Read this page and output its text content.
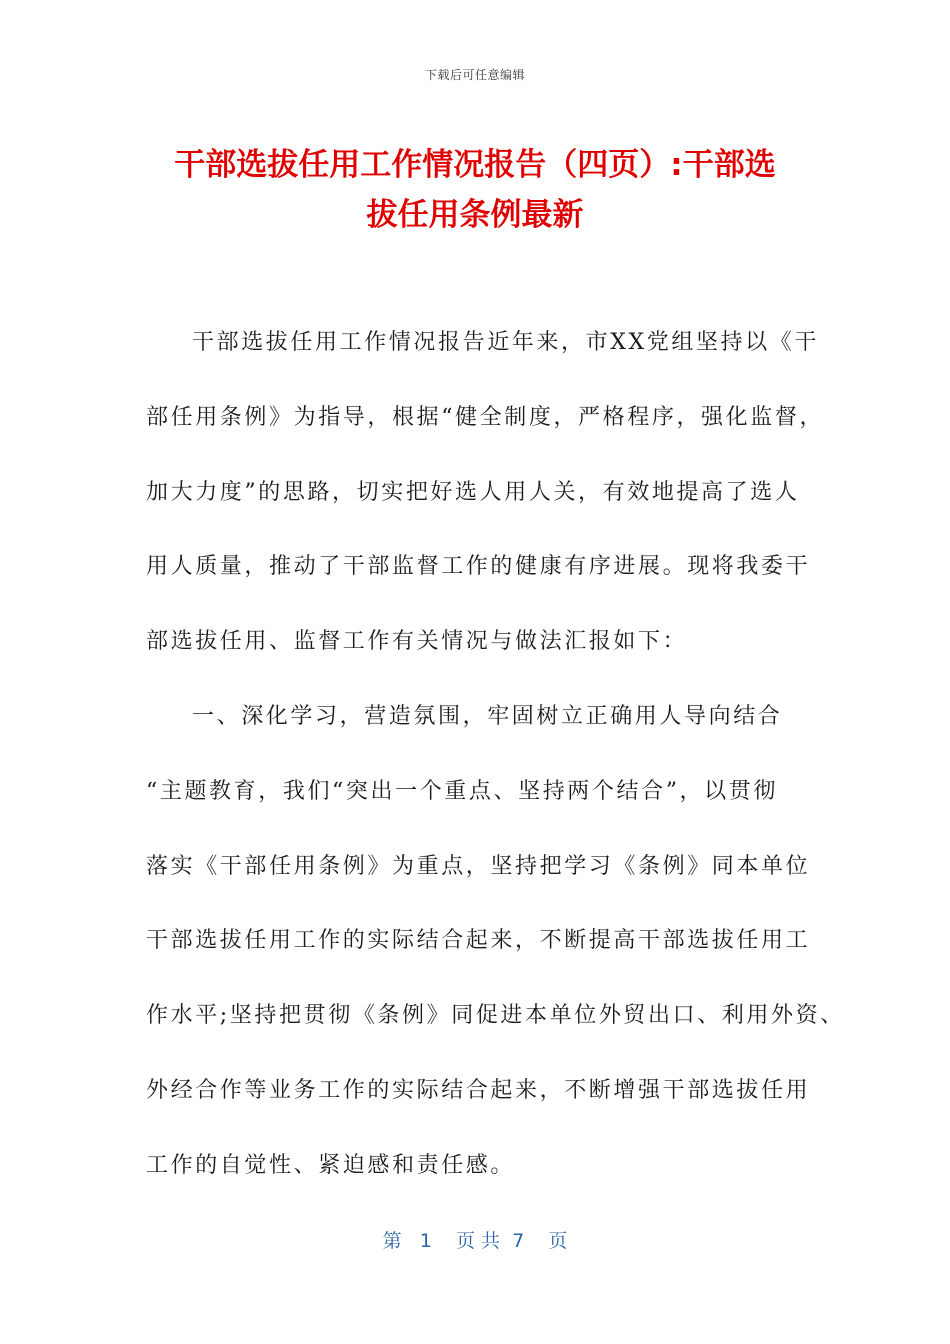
下载后可任意编辑
干部选拔任用工作情况报告（四页）:干部选
拔任用条例最新
干部选拔任用工作情况报告近年来，市XX党组坚持以《干
部任用条例》为指导，根据“健全制度，严格程序，强化监督，
加大力度”的思路，切实把好选人用人关，有效地提高了选人
用人质量，推动了干部监督工作的健康有序进展。现将我委干
部选拔任用、监督工作有关情况与做法汇报如下：
一、深化学习，营造氛围，牢固树立正确用人导向结合
“主题教育，我们“突出一个重点、坚持两个结合”，以贯彻
落实《干部任用条例》为重点，坚持把学习《条例》同本单位
干部选拔任用工作的实际结合起来，不断提高干部选拔任用工
作水平;坚持把贯彻《条例》同促进本单位外贸出口、利用外资、
外经合作等业务工作的实际结合起来，不断增强干部选拔任用
工作的自觉性、紧迫感和责任感。
第   1    页 共  7    页
